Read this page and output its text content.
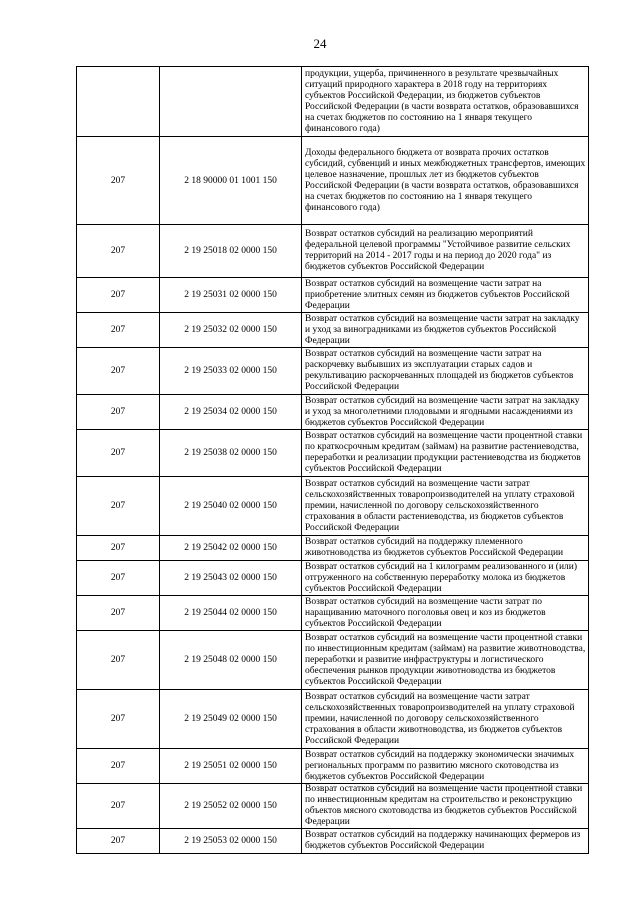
24
		продукции, ущерба, причиненного в результате чрезвычайных ситуаций природного характера в 2018 году на территориях субъектов Российской Федерации, из бюджетов субъектов Российской Федерации (в части возврата остатков, образовавшихся на счетах бюджетов по состоянию на 1 января текущего финансового года)
207	2 18 90000 01 1001 150	Доходы федерального бюджета от возврата прочих остатков субсидий, субвенций и иных межбюджетных трансфертов, имеющих целевое назначение, прошлых лет из бюджетов субъектов Российской Федерации (в части возврата остатков, образовавшихся на счетах бюджетов по состоянию на 1 января текущего финансового года)
207	2 19 25018 02 0000 150	Возврат остатков субсидий на реализацию мероприятий федеральной целевой программы "Устойчивое развитие сельских территорий на 2014 - 2017 годы и на период до 2020 года" из бюджетов субъектов Российской Федерации
207	2 19 25031 02 0000 150	Возврат остатков субсидий на возмещение части затрат на приобретение элитных семян из бюджетов субъектов Российской Федерации
207	2 19 25032 02 0000 150	Возврат остатков субсидий на возмещение части затрат на закладку и уход за виноградниками из бюджетов субъектов Российской Федерации
207	2 19 25033 02 0000 150	Возврат остатков субсидий на возмещение части затрат на раскорчевку выбывших из эксплуатации старых садов и рекультивацию раскорчеванных площадей из бюджетов субъектов Российской Федерации
207	2 19 25034 02 0000 150	Возврат остатков субсидий на возмещение части затрат на закладку и уход за многолетними плодовыми и ягодными насаждениями из бюджетов субъектов Российской Федерации
207	2 19 25038 02 0000 150	Возврат остатков субсидий на возмещение части процентной ставки по краткосрочным кредитам (займам) на развитие растениеводства, переработки и реализации продукции растениеводства из бюджетов субъектов Российской Федерации
207	2 19 25040 02 0000 150	Возврат остатков субсидий на возмещение части затрат сельскохозяйственных товаропроизводителей на уплату страховой премии, начисленной по договору сельскохозяйственного страхования в области растениеводства, из бюджетов субъектов Российской Федерации
207	2 19 25042 02 0000 150	Возврат остатков субсидий на поддержку племенного животноводства из бюджетов субъектов Российской Федерации
207	2 19 25043 02 0000 150	Возврат остатков субсидий на 1 килограмм реализованного и (или) отгруженного на собственную переработку молока из бюджетов субъектов Российской Федерации
207	2 19 25044 02 0000 150	Возврат остатков субсидий на возмещение части затрат по наращиванию маточного поголовья овец и коз из бюджетов субъектов Российской Федерации
207	2 19 25048 02 0000 150	Возврат остатков субсидий на возмещение части процентной ставки по инвестиционным кредитам (займам) на развитие животноводства, переработки и развитие инфраструктуры и логистического обеспечения рынков продукции животноводства из бюджетов субъектов Российской Федерации
207	2 19 25049 02 0000 150	Возврат остатков субсидий на возмещение части затрат сельскохозяйственных товаропроизводителей на уплату страховой премии, начисленной по договору сельскохозяйственного страхования в области животноводства, из бюджетов субъектов Российской Федерации
207	2 19 25051 02 0000 150	Возврат остатков субсидий на поддержку экономически значимых региональных программ по развитию мясного скотоводства из бюджетов субъектов Российской Федерации
207	2 19 25052 02 0000 150	Возврат остатков субсидий на возмещение части процентной ставки по инвестиционным кредитам на строительство и реконструкцию объектов мясного скотоводства из бюджетов субъектов Российской Федерации
207	2 19 25053 02 0000 150	Возврат остатков субсидий на поддержку начинающих фермеров из бюджетов субъектов Российской Федерации
